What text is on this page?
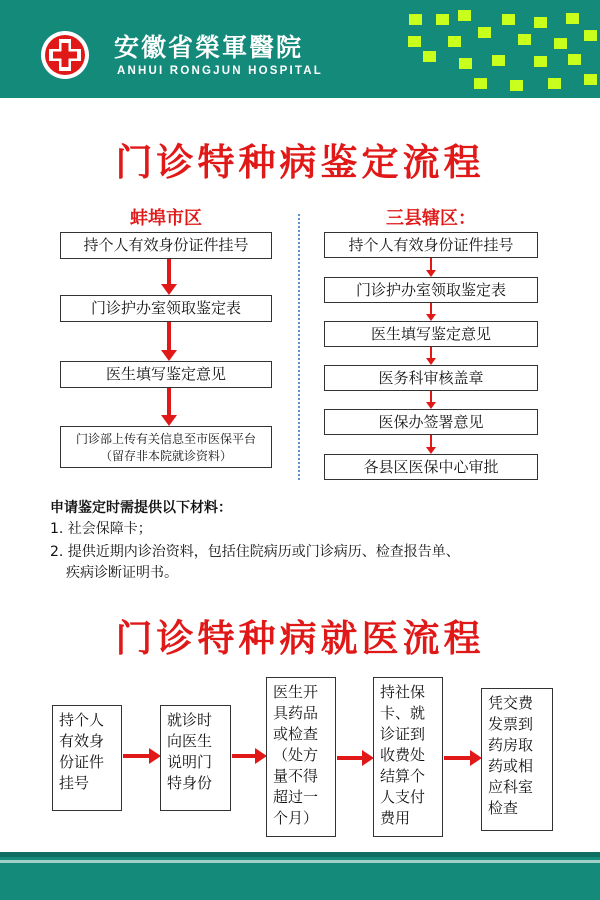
安徽省榮軍醫院
ANHUI RONGJUN HOSPITAL
门诊特种病鉴定流程
蚌埠市区
持个人有效身份证件挂号
门诊护办室领取鉴定表
医生填写鉴定意见
门诊部上传有关信息至市医保平台
（留存非本院就诊资料）
三县辖区：
持个人有效身份证件挂号
门诊护办室领取鉴定表
医生填写鉴定意见
医务科审核盖章
医保办签署意见
各县区医保中心审批
申请鉴定时需提供以下材料：
1. 社会保障卡；
2. 提供近期内诊治资料，包括住院病历或门诊病历、检查报告单、
疾病诊断证明书。
门诊特种病就医流程
持个人
有效身
份证件
挂号
就诊时
向医生
说明门
特身份
医生开
具药品
或检查
（处方
量不得
超过一
个月）
持社保
卡、就
诊证到
收费处
结算个
人支付
费用
凭交费
发票到
药房取
药或相
应科室
检查
